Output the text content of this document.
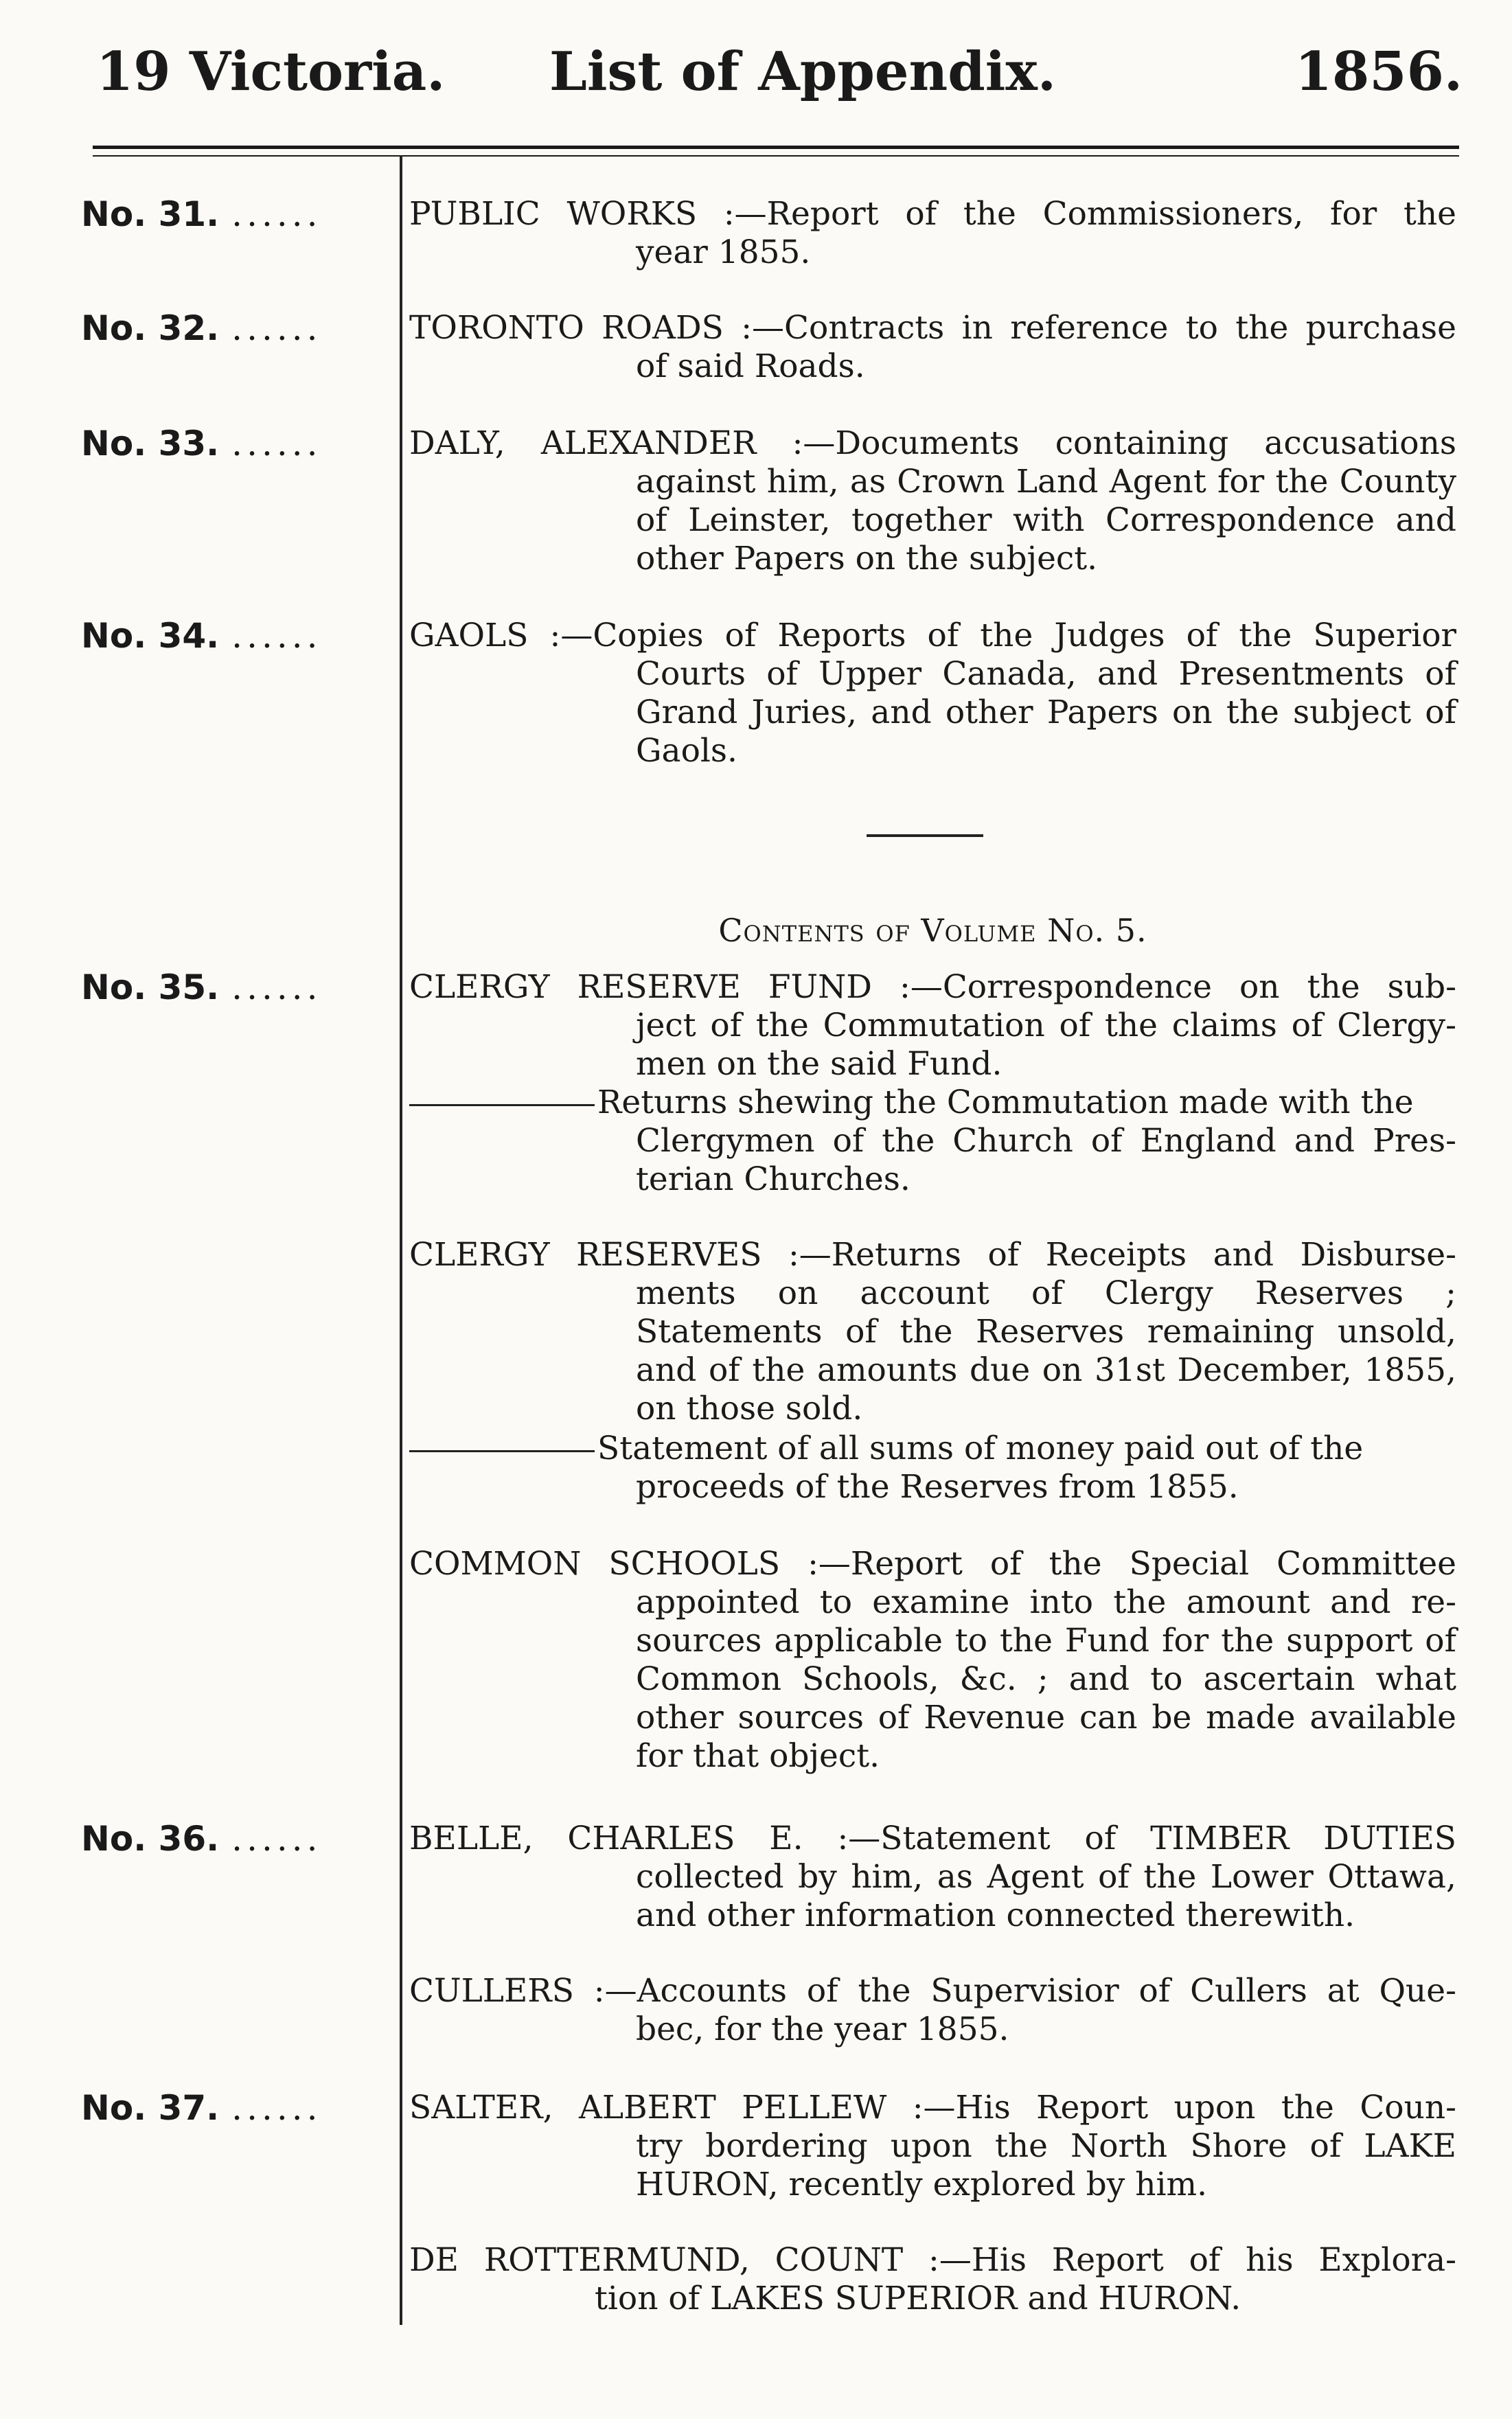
19 Victoria. List of Appendix.	1856.
No. 31. ......
No. 32. ......
No. 33. ......
No. 34. ......
No. 35. ......
No. 36. ......
No. 37. ......
PUBLIC WORKS :—Report of the Commissioners, for the
year 1855.
TORONTO ROADS :—Contracts in reference to the purchase
of said Roads.
DALY, ALEXANDER :—Documents containing accusations
against him, as Crown Land Agent for the County of Leinster, together with Correspondence and other Papers on the subject.
GAOLS :—Copies of Reports of the Judges of the Superior
Courts of Upper Canada, and Presentments of Grand Juries, and other Papers on the subject of Gaols.
Contents of Volume No. 5.
CLERGY RESERVE FUND :—Correspondence on the sub-
ject of the Commutation of the claims of Clergy- men on the said Fund.
Returns shewing the Commutation made with the
Clergymen of the Church of England and Pres- terian Churches.
CLERGY RESERVES :—Returns of Receipts and Disburse-
ments on account of Clergy Reserves ; Statements of the Reserves remaining unsold, and of the amounts due on 31st December, 1855, on those sold.
Statement of all sums of money paid out of the
proceeds of the Reserves from 1855.
COMMON SCHOOLS :—Report of the Special Committee
appointed to examine into the amount and re- sources applicable to the Fund for the support of Common Schools, &c. ; and to ascertain what other sources of Revenue can be made available for that object.
BELLE, CHARLES E. :—Statement of TIMBER DUTIES
collected by him, as Agent of the Lower Ottawa, and other information connected therewith.
CULLERS :—Accounts of the Supervisior of Cullers at Que-
bec, for the year 1855.
SALTER, ALBERT PELLEW :—His Report upon the Coun-
try bordering upon the North Shore of LAKE HURON, recently explored by him.
DE ROTTERMUND, COUNT :—His Report of his Explora-
tion of LAKES SUPERIOR and HURON.
